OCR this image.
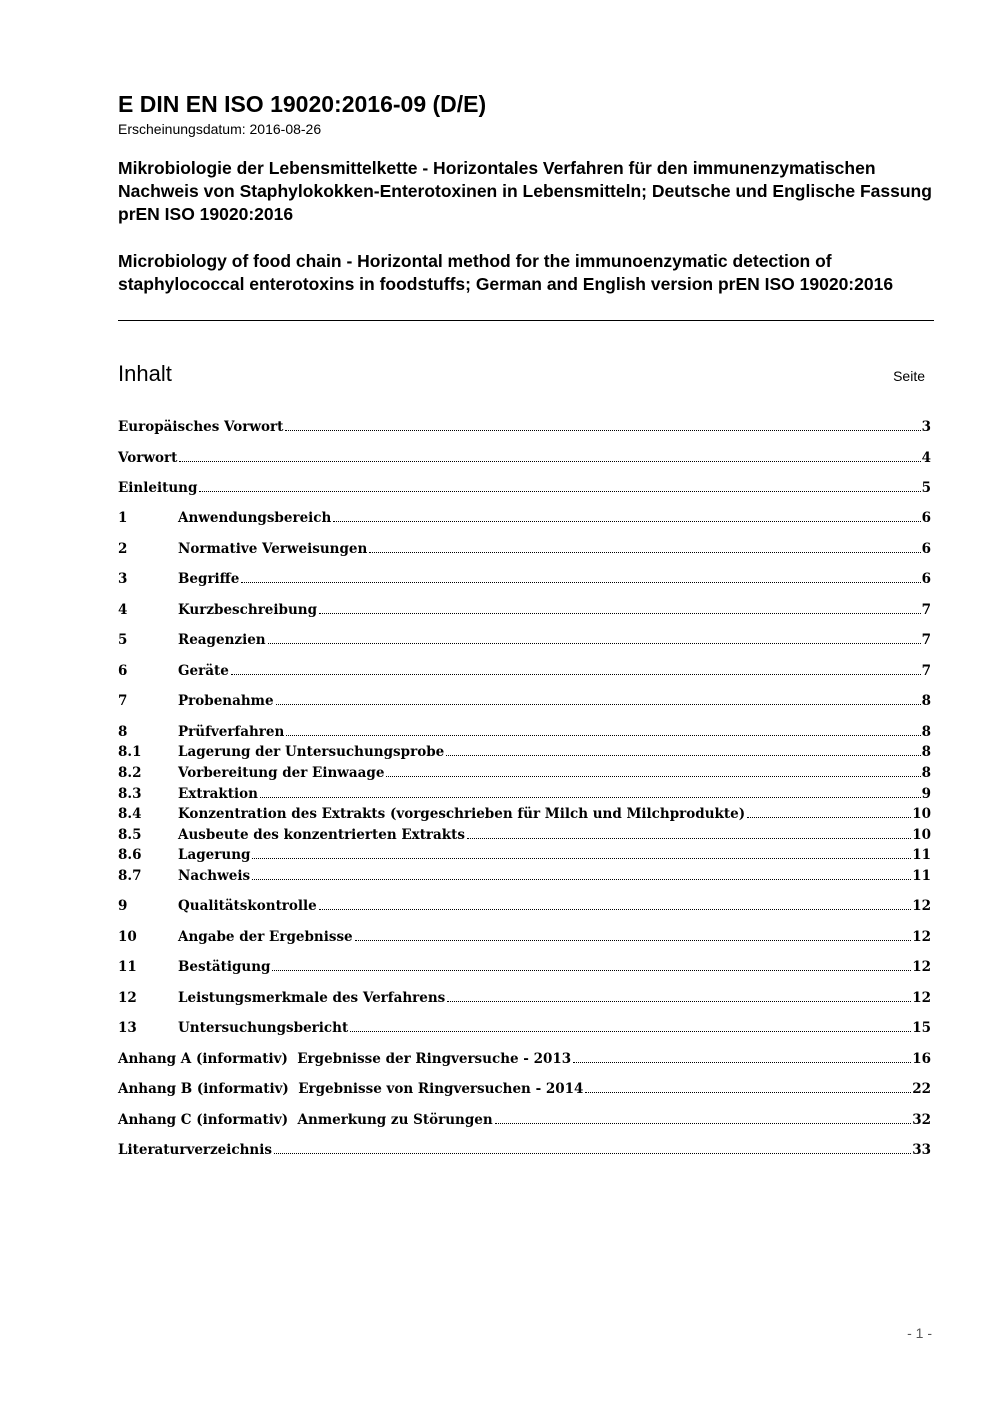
E DIN EN ISO 19020:2016-09 (D/E)
Erscheinungsdatum: 2016-08-26
Mikrobiologie der Lebensmittelkette - Horizontales Verfahren für den immunenzymatischen Nachweis von Staphylokokken-Enterotoxinen in Lebensmitteln; Deutsche und Englische Fassung prEN ISO 19020:2016
Microbiology of food chain - Horizontal method for the immunoenzymatic detection of staphylococcal enterotoxins in foodstuffs; German and English version prEN ISO 19020:2016
Inhalt	Seite
Europäisches Vorwort	3
Vorwort	4
Einleitung	5
1	Anwendungsbereich	6
2	Normative Verweisungen	6
3	Begriffe	6
4	Kurzbeschreibung	7
5	Reagenzien	7
6	Geräte	7
7	Probenahme	8
8	Prüfverfahren	8
8.1	Lagerung der Untersuchungsprobe	8
8.2	Vorbereitung der Einwaage	8
8.3	Extraktion	9
8.4	Konzentration des Extrakts (vorgeschrieben für Milch und Milchprodukte)	10
8.5	Ausbeute des konzentrierten Extrakts	10
8.6	Lagerung	11
8.7	Nachweis	11
9	Qualitätskontrolle	12
10	Angabe der Ergebnisse	12
11	Bestätigung	12
12	Leistungsmerkmale des Verfahrens	12
13	Untersuchungsbericht	15
Anhang A (informativ)  Ergebnisse der Ringversuche - 2013	16
Anhang B (informativ)  Ergebnisse von Ringversuchen - 2014	22
Anhang C (informativ)  Anmerkung zu Störungen	32
Literaturverzeichnis	33
- 1 -
